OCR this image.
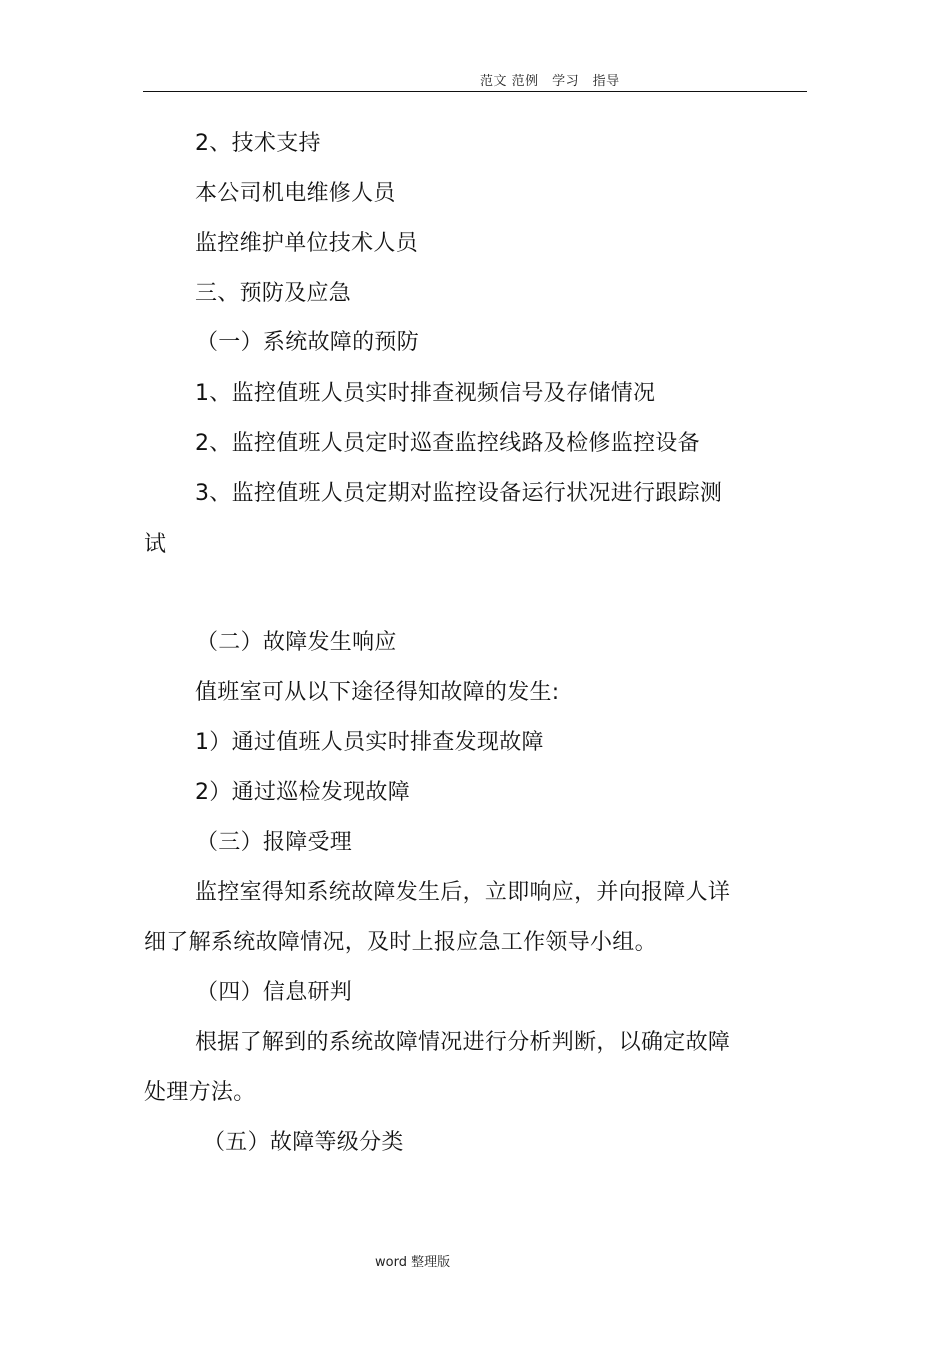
范文 范例　学习　指导
2、技术支持
本公司机电维修人员
监控维护单位技术人员
三、预防及应急
（一）系统故障的预防
1、监控值班人员实时排查视频信号及存储情况
2、监控值班人员定时巡查监控线路及检修监控设备
3、监控值班人员定期对监控设备运行状况进行跟踪测
试
（二）故障发生响应
值班室可从以下途径得知故障的发生:
1）通过值班人员实时排查发现故障
2）通过巡检发现故障
（三）报障受理
监控室得知系统故障发生后，立即响应，并向报障人详
细了解系统故障情况，及时上报应急工作领导小组。
（四）信息研判
根据了解到的系统故障情况进行分析判断，以确定故障
处理方法。
（五）故障等级分类
word 整理版
